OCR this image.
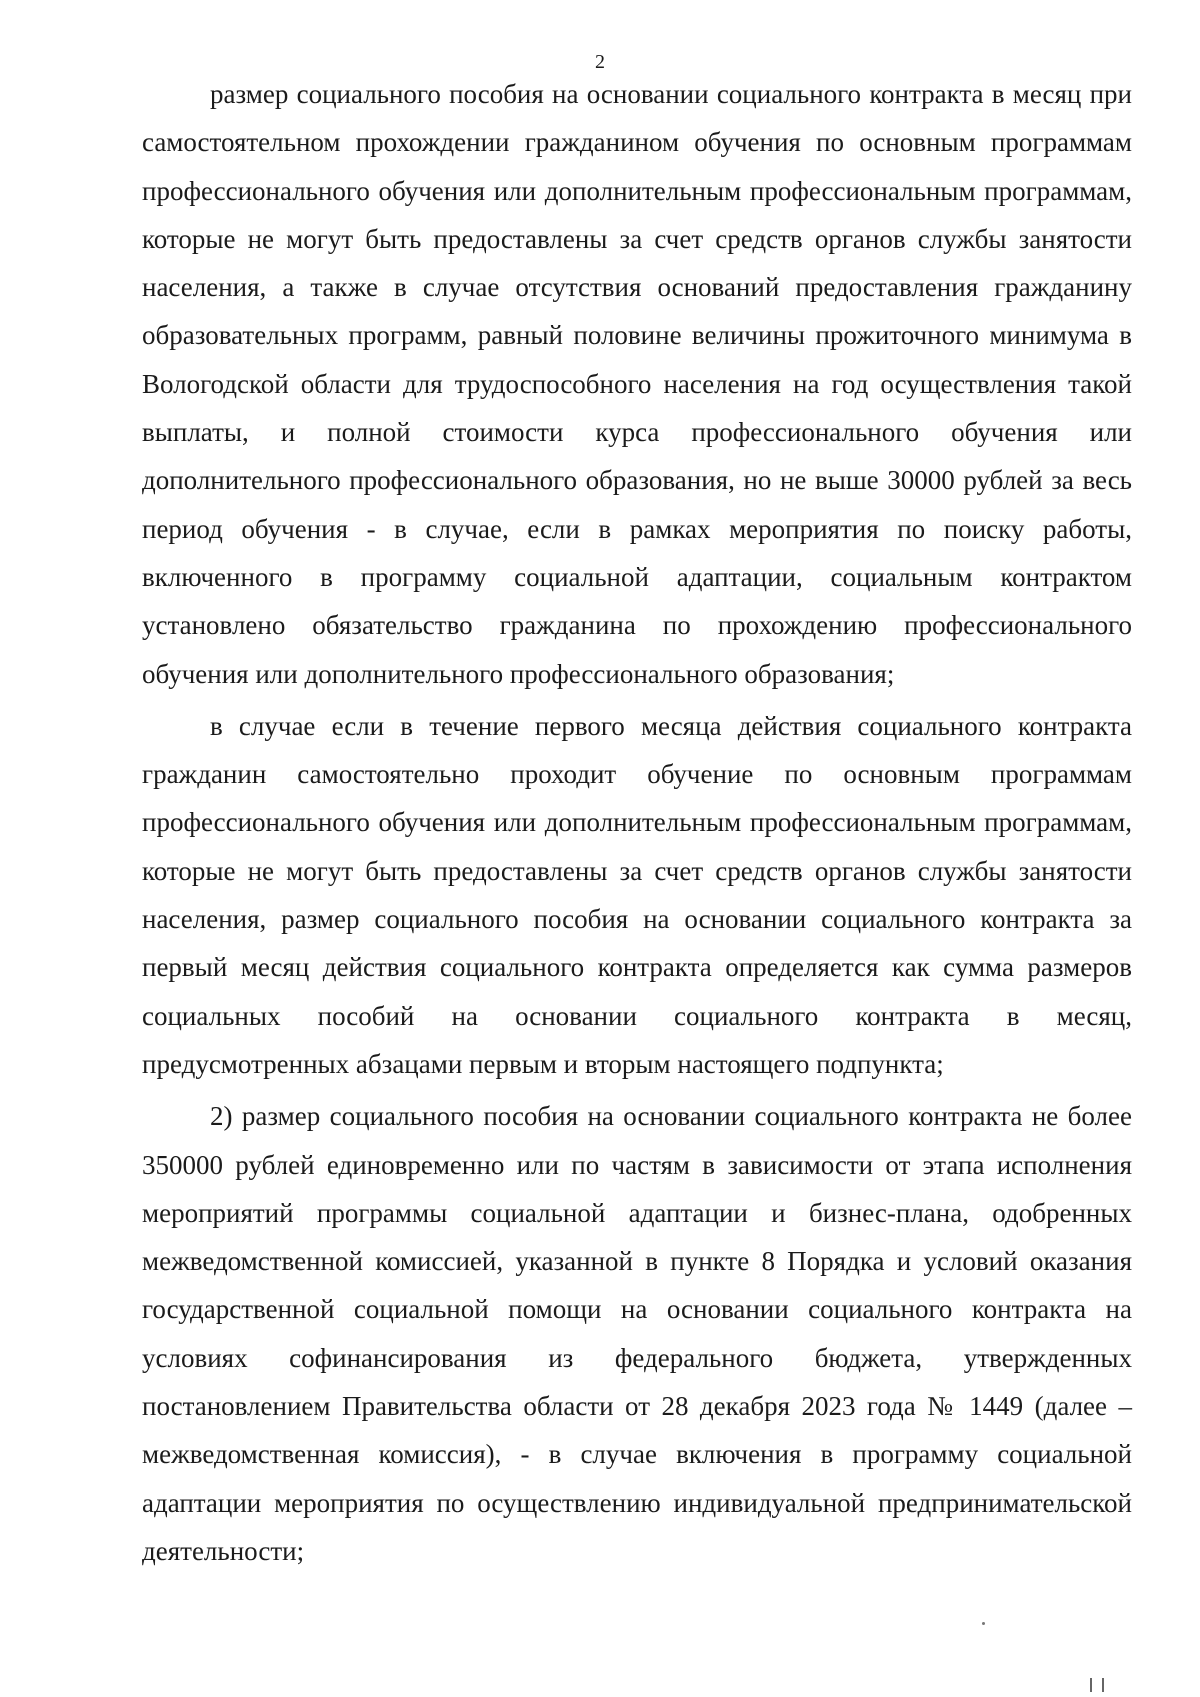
2

размер социального пособия на основании социального контракта в месяц при самостоятельном прохождении гражданином обучения по основным программам профессионального обучения или дополнительным профессиональным программам, которые не могут быть предоставлены за счет средств органов службы занятости населения, а также в случае отсутствия оснований предоставления гражданину образовательных программ, равный половине величины прожиточного минимума в Вологодской области для трудоспособного населения на год осуществления такой выплаты, и полной стоимости курса профессионального обучения или дополнительного профессионального образования, но не выше 30000 рублей за весь период обучения - в случае, если в рамках мероприятия по поиску работы, включенного в программу социальной адаптации, социальным контрактом установлено обязательство гражданина по прохождению профессионального обучения или дополнительного профессионального образования;

в случае если в течение первого месяца действия социального контракта гражданин самостоятельно проходит обучение по основным программам профессионального обучения или дополнительным профессиональным программам, которые не могут быть предоставлены за счет средств органов службы занятости населения, размер социального пособия на основании социального контракта за первый месяц действия социального контракта определяется как сумма размеров социальных пособий на основании социального контракта в месяц, предусмотренных абзацами первым и вторым настоящего подпункта;

2) размер социального пособия на основании социального контракта не более 350000 рублей единовременно или по частям в зависимости от этапа исполнения мероприятий программы социальной адаптации и бизнес-плана, одобренных межведомственной комиссией, указанной в пункте 8 Порядка и условий оказания государственной социальной помощи на основании социального контракта на условиях софинансирования из федерального бюджета, утвержденных постановлением Правительства области от 28 декабря 2023 года № 1449 (далее – межведомственная комиссия), - в случае включения в программу социальной адаптации мероприятия по осуществлению индивидуальной предпринимательской деятельности;
